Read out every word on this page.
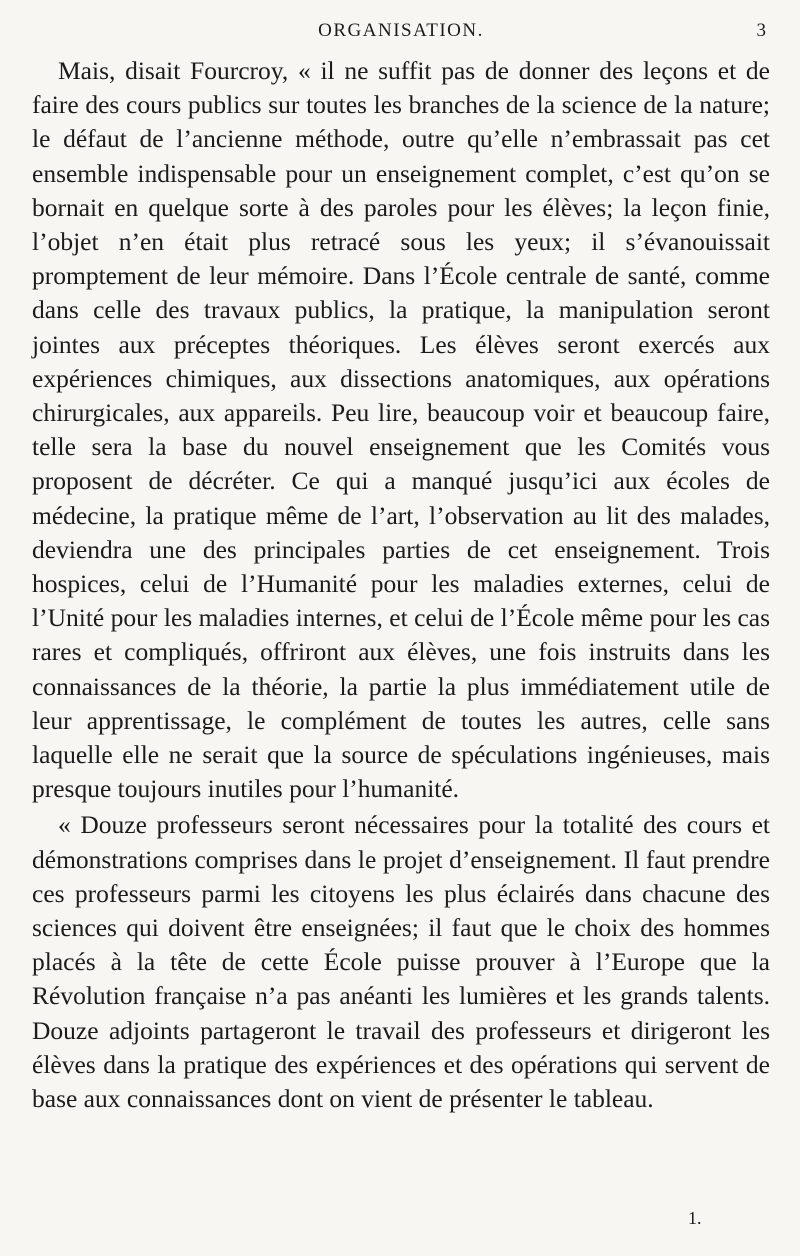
ORGANISATION.	3

Mais, disait Fourcroy, « il ne suffit pas de donner des leçons et de faire des cours publics sur toutes les branches de la science de la nature; le défaut de l’ancienne méthode, outre qu’elle n’embrassait pas cet ensemble indispensable pour un enseignement complet, c’est qu’on se bornait en quelque sorte à des paroles pour les élèves; la leçon finie, l’objet n’en était plus retracé sous les yeux; il s’évanouissait promptement de leur mémoire. Dans l’École centrale de santé, comme dans celle des travaux publics, la pratique, la manipulation seront jointes aux préceptes théoriques. Les élèves seront exercés aux expériences chimiques, aux dissections anatomiques, aux opérations chirurgicales, aux appareils. Peu lire, beaucoup voir et beaucoup faire, telle sera la base du nouvel enseignement que les Comités vous proposent de décréter. Ce qui a manqué jusqu’ici aux écoles de médecine, la pratique même de l’art, l’observation au lit des malades, deviendra une des principales parties de cet enseignement. Trois hospices, celui de l’Humanité pour les maladies externes, celui de l’Unité pour les maladies internes, et celui de l’École même pour les cas rares et compliqués, offriront aux élèves, une fois instruits dans les connaissances de la théorie, la partie la plus immédiatement utile de leur apprentissage, le complément de toutes les autres, celle sans laquelle elle ne serait que la source de spéculations ingénieuses, mais presque toujours inutiles pour l’humanité.

« Douze professeurs seront nécessaires pour la totalité des cours et démonstrations comprises dans le projet d’enseignement. Il faut prendre ces professeurs parmi les citoyens les plus éclairés dans chacune des sciences qui doivent être enseignées; il faut que le choix des hommes placés à la tête de cette École puisse prouver à l’Europe que la Révolution française n’a pas anéanti les lumières et les grands talents. Douze adjoints partageront le travail des professeurs et dirigeront les élèves dans la pratique des expériences et des opérations qui servent de base aux connaissances dont on vient de présenter le tableau.

1.
